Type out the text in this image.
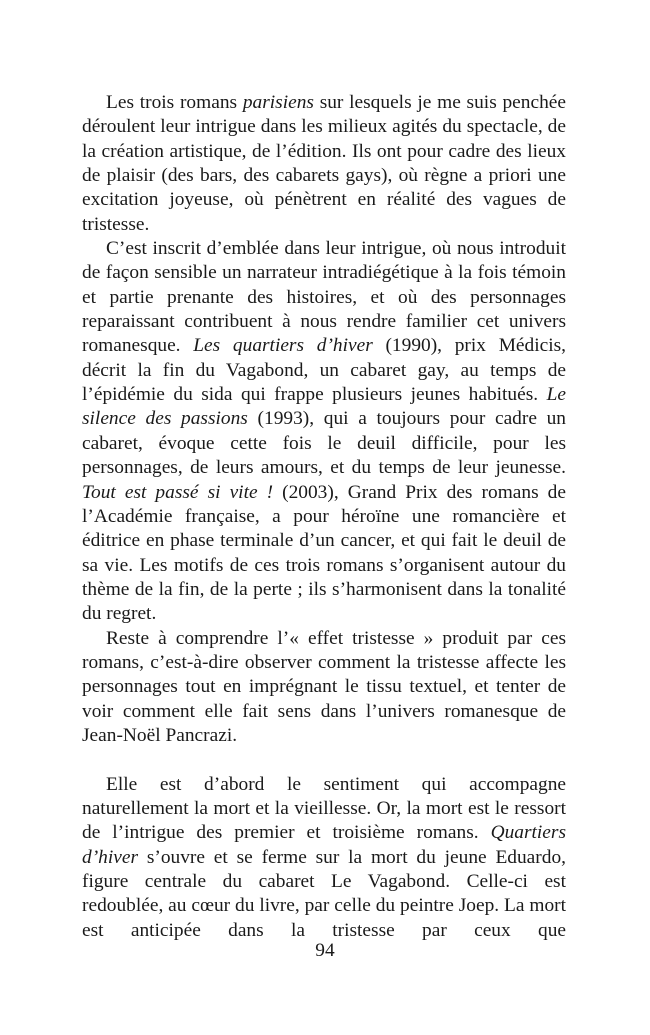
Les trois romans parisiens sur lesquels je me suis penchée déroulent leur intrigue dans les milieux agités du spectacle, de la création artistique, de l’édition. Ils ont pour cadre des lieux de plaisir (des bars, des cabarets gays), où règne a priori une excitation joyeuse, où pénètrent en réalité des vagues de tristesse.

C’est inscrit d’emblée dans leur intrigue, où nous introduit de façon sensible un narrateur intradiégétique à la fois témoin et partie prenante des histoires, et où des personnages reparaissant contribuent à nous rendre familier cet univers romanesque. Les quartiers d’hiver (1990), prix Médicis, décrit la fin du Vagabond, un cabaret gay, au temps de l’épidémie du sida qui frappe plusieurs jeunes habitués. Le silence des passions (1993), qui a toujours pour cadre un cabaret, évoque cette fois le deuil difficile, pour les personnages, de leurs amours, et du temps de leur jeunesse. Tout est passé si vite ! (2003), Grand Prix des romans de l’Académie française, a pour héroïne une romancière et éditrice en phase terminale d’un cancer, et qui fait le deuil de sa vie. Les motifs de ces trois romans s’organisent autour du thème de la fin, de la perte ; ils s’harmonisent dans la tonalité du regret.

Reste à comprendre l’« effet tristesse » produit par ces romans, c’est-à-dire observer comment la tristesse affecte les personnages tout en imprégnant le tissu textuel, et tenter de voir comment elle fait sens dans l’univers romanesque de Jean-Noël Pancrazi.

Elle est d’abord le sentiment qui accompagne naturellement la mort et la vieillesse. Or, la mort est le ressort de l’intrigue des premier et troisième romans. Quartiers d’hiver s’ouvre et se ferme sur la mort du jeune Eduardo, figure centrale du cabaret Le Vagabond. Celle-ci est redoublée, au cœur du livre, par celle du peintre Joep. La mort est anticipée dans la tristesse par ceux que

94
